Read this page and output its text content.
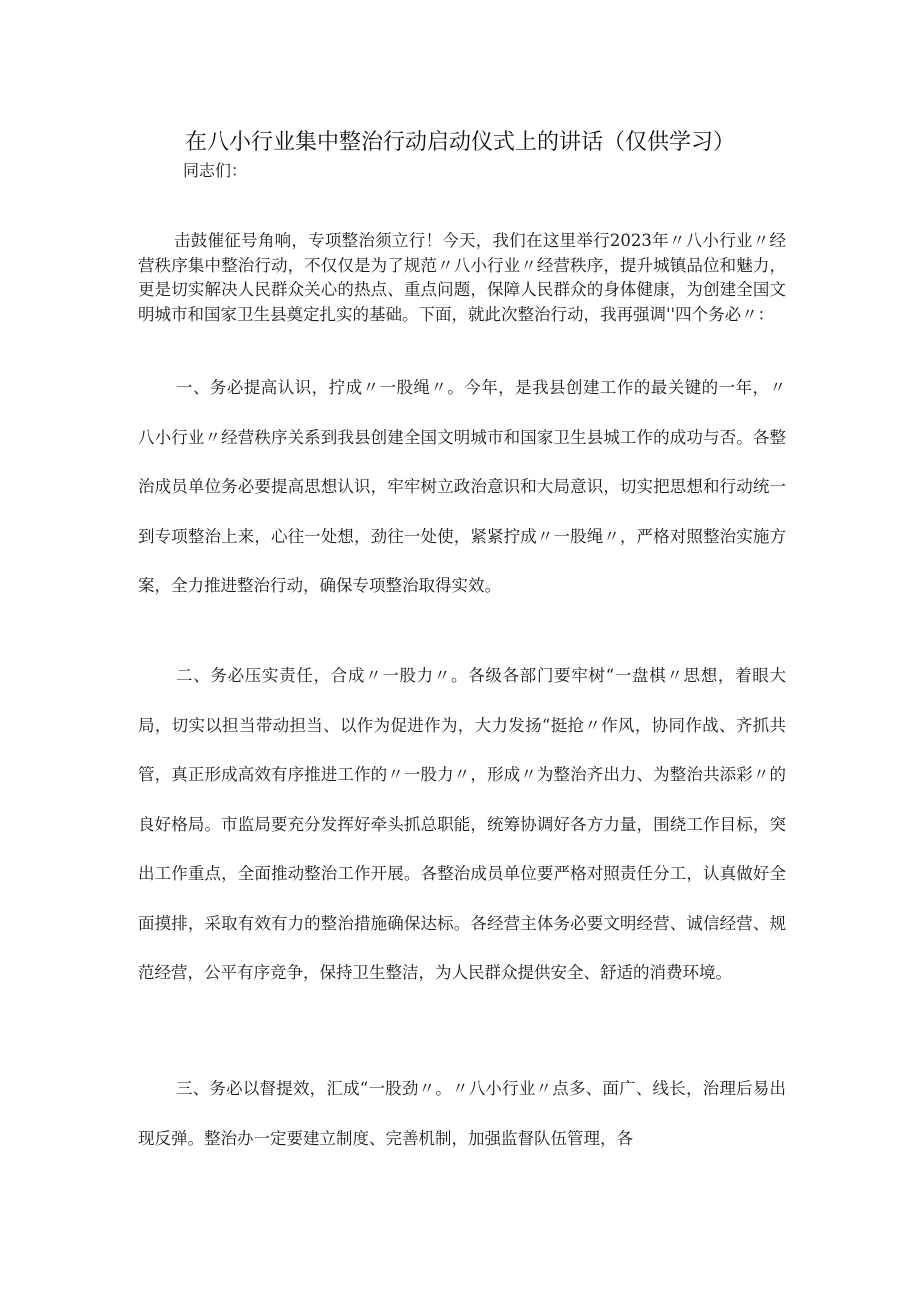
在八小行业集中整治行动启动仪式上的讲话（仅供学习）
同志们：
击鼓催征号角响，专项整治须立行！今天，我们在这里举行2023年〃八小行业〃经营秩序集中整治行动，不仅仅是为了规范〃八小行业〃经营秩序，提升城镇品位和魅力，更是切实解决人民群众关心的热点、重点问题，保障人民群众的身体健康，为创建全国文明城市和国家卫生县奠定扎实的基础。下面，就此次整治行动，我再强调''四个务必〃：
一、务必提高认识，拧成〃一股绳〃。今年，是我县创建工作的最关键的一年，〃八小行业〃经营秩序关系到我县创建全国文明城市和国家卫生县城工作的成功与否。各整治成员单位务必要提高思想认识，牢牢树立政治意识和大局意识，切实把思想和行动统一到专项整治上来，心往一处想，劲往一处使，紧紧拧成〃一股绳〃，严格对照整治实施方案，全力推进整治行动，确保专项整治取得实效。
二、务必压实责任，合成〃一股力〃。各级各部门要牢树“一盘棋〃思想，着眼大局，切实以担当带动担当、以作为促进作为，大力发扬“挺抢〃作风，协同作战、齐抓共管，真正形成高效有序推进工作的〃一股力〃，形成〃为整治齐出力、为整治共添彩〃的良好格局。市监局要充分发挥好牵头抓总职能，统筹协调好各方力量，围绕工作目标，突出工作重点，全面推动整治工作开展。各整治成员单位要严格对照责任分工，认真做好全面摸排，采取有效有力的整治措施确保达标。各经营主体务必要文明经营、诚信经营、规范经营，公平有序竞争，保持卫生整洁，为人民群众提供安全、舒适的消费环境。
三、务必以督提效，汇成“一股劲〃。〃八小行业〃点多、面广、线长，治理后易出现反弹。整治办一定要建立制度、完善机制，加强监督队伍管理，各
